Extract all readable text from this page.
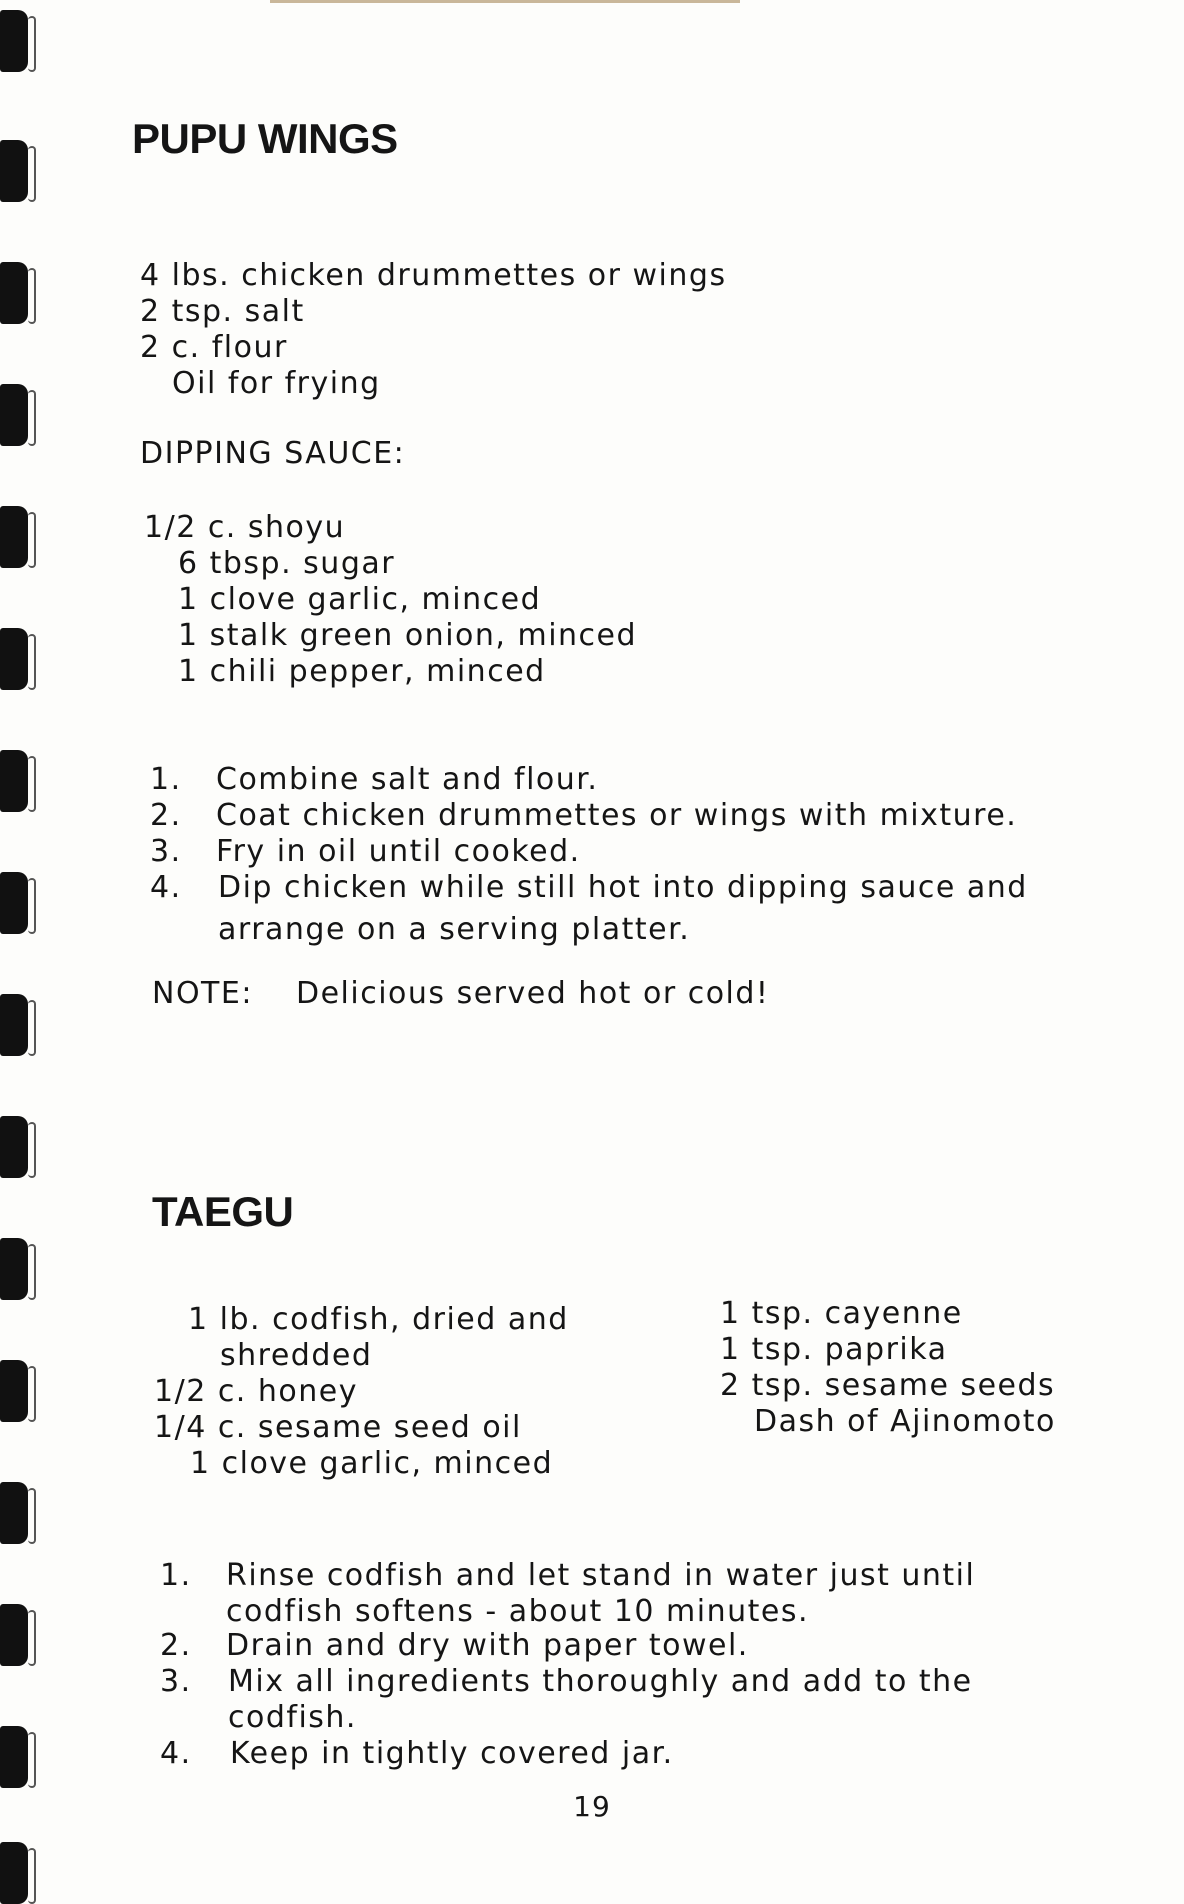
PUPU WINGS
4 lbs. chicken drummettes or wings
2 tsp. salt
2 c. flour
Oil for frying
DIPPING SAUCE:
1/2 c. shoyu
6 tbsp. sugar
1 clove garlic, minced
1 stalk green onion, minced
1 chili pepper, minced
1. Combine salt and flour.
2. Coat chicken drummettes or wings with mixture.
3. Fry in oil until cooked.
4. Dip chicken while still hot into dipping sauce and
arrange on a serving platter.
NOTE: Delicious served hot or cold!
TAEGU
1 lb. codfish, dried and
shredded
1/2 c. honey
1/4 c. sesame seed oil
1 clove garlic, minced
1 tsp. cayenne
1 tsp. paprika
2 tsp. sesame seeds
Dash of Ajinomoto
1. Rinse codfish and let stand in water just until
codfish softens - about 10 minutes.
2. Drain and dry with paper towel.
3. Mix all ingredients thoroughly and add to the
codfish.
4. Keep in tightly covered jar.
19
